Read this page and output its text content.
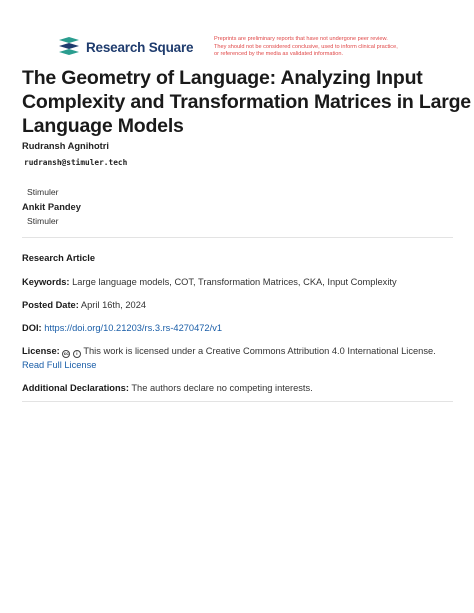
Research Square
Preprints are preliminary reports that have not undergone peer review.
They should not be considered conclusive, used to inform clinical practice,
or referenced by the media as validated information.
The Geometry of Language: Analyzing Input
Complexity and Transformation Matrices in Large
Language Models
Rudransh Agnihotri
rudransh@stimuler.tech
Stimuler
Ankit Pandey
Stimuler
Research Article
Keywords: Large language models, COT, Transformation Matrices, CKA, Input Complexity
Posted Date: April 16th, 2024
DOI: https://doi.org/10.21203/rs.3.rs-4270472/v1
License: cc i This work is licensed under a Creative Commons Attribution 4.0 International License.
Read Full License
Additional Declarations: The authors declare no competing interests.
